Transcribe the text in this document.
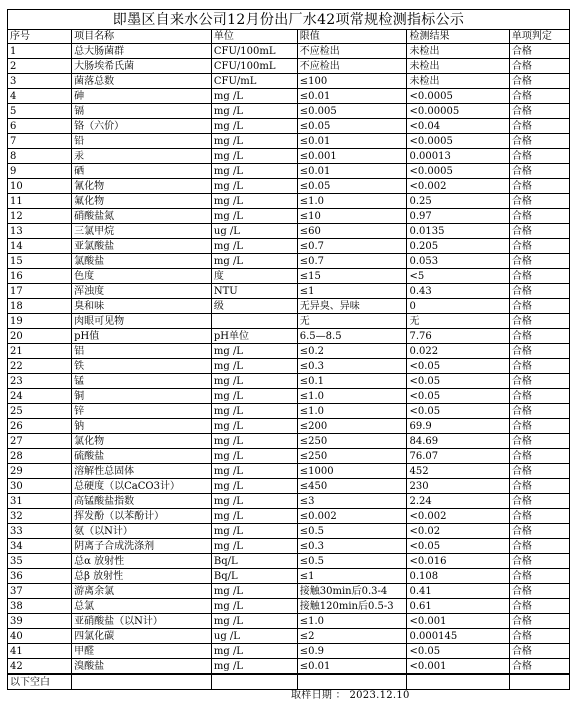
即墨区自来水公司12月份出厂水42项常规检测指标公示
序号	项目名称	单位	限值	检测结果	单项判定
1	总大肠菌群	CFU/100mL	不应检出	未检出	合格
2	大肠埃希氏菌	CFU/100mL	不应检出	未检出	合格
3	菌落总数	CFU/mL	≤100	未检出	合格
4	砷	mg /L	≤0.01	<0.0005	合格
5	镉	mg /L	≤0.005	<0.00005	合格
6	铬（六价）	mg /L	≤0.05	<0.04	合格
7	铅	mg /L	≤0.01	<0.0005	合格
8	汞	mg /L	≤0.001	0.00013	合格
9	硒	mg /L	≤0.01	<0.0005	合格
10	氰化物	mg /L	≤0.05	<0.002	合格
11	氟化物	mg /L	≤1.0	0.25	合格
12	硝酸盐氮	mg /L	≤10	0.97	合格
13	三氯甲烷	ug /L	≤60	0.0135	合格
14	亚氯酸盐	mg /L	≤0.7	0.205	合格
15	氯酸盐	mg /L	≤0.7	0.053	合格
16	色度	度	≤15	<5	合格
17	浑浊度	NTU	≤1	0.43	合格
18	臭和味	级	无异臭、异味	0	合格
19	肉眼可见物		无	无	合格
20	pH值	pH单位	6.5—8.5	7.76	合格
21	铝	mg /L	≤0.2	0.022	合格
22	铁	mg /L	≤0.3	<0.05	合格
23	锰	mg /L	≤0.1	<0.05	合格
24	铜	mg /L	≤1.0	<0.05	合格
25	锌	mg /L	≤1.0	<0.05	合格
26	钠	mg /L	≤200	69.9	合格
27	氯化物	mg /L	≤250	84.69	合格
28	硫酸盐	mg /L	≤250	76.07	合格
29	溶解性总固体	mg /L	≤1000	452	合格
30	总硬度（以CaCO3计）	mg /L	≤450	230	合格
31	高锰酸盐指数	mg /L	≤3	2.24	合格
32	挥发酚（以苯酚计）	mg /L	≤0.002	<0.002	合格
33	氨（以N计）	mg /L	≤0.5	<0.02	合格
34	阴离子合成洗涤剂	mg /L	≤0.3	<0.05	合格
35	总α 放射性	Bq/L	≤0.5	<0.016	合格
36	总β 放射性	Bq/L	≤1	0.108	合格
37	游离余氯	mg /L	接触30min后0.3-4	0.41	合格
38	总氯	mg /L	接触120min后0.5-3	0.61	合格
39	亚硝酸盐（以N计）	mg /L	≤1.0	<0.001	合格
40	四氯化碳	ug /L	≤2	0.000145	合格
41	甲醛	mg /L	≤0.9	<0.05	合格
42	溴酸盐	mg /L	≤0.01	<0.001	合格
以下空白					
取样日期 ： 2023.12.10
